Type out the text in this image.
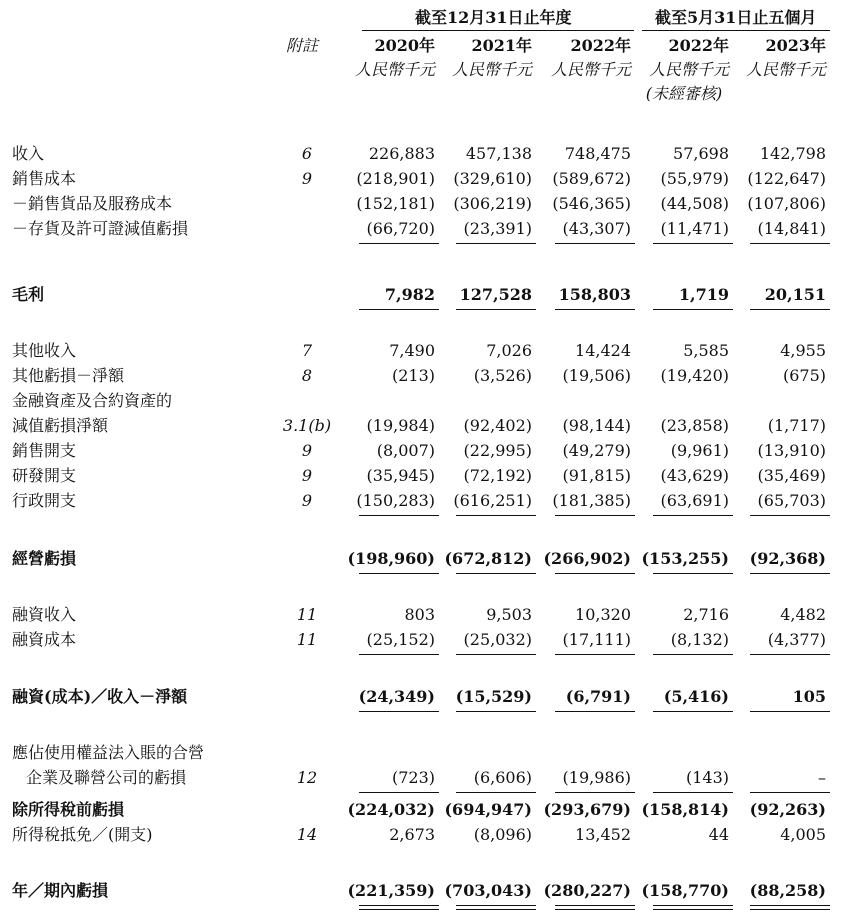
截至12月31日止年度	截至5月31日止五個月
附註	2020年	2021年	2022年	2022年	2023年
人民幣千元	人民幣千元	人民幣千元	人民幣千元	人民幣千元
(未經審核)
收入	6	226,883	457,138	748,475	57,698	142,798
銷售成本	9	(218,901)	(329,610)	(589,672)	(55,979)	(122,647)
－銷售貨品及服務成本	(152,181)	(306,219)	(546,365)	(44,508)	(107,806)
－存貨及許可證減值虧損	(66,720)	(23,391)	(43,307)	(11,471)	(14,841)
毛利	7,982	127,528	158,803	1,719	20,151
其他收入	7	7,490	7,026	14,424	5,585	4,955
其他虧損－淨額	8	(213)	(3,526)	(19,506)	(19,420)	(675)
金融資產及合約資產的
減值虧損淨額	3.1(b)	(19,984)	(92,402)	(98,144)	(23,858)	(1,717)
銷售開支	9	(8,007)	(22,995)	(49,279)	(9,961)	(13,910)
研發開支	9	(35,945)	(72,192)	(91,815)	(43,629)	(35,469)
行政開支	9	(150,283)	(616,251)	(181,385)	(63,691)	(65,703)
經營虧損	(198,960) (672,812) (266,902) (153,255)	(92,368)
融資收入	11	803	9,503	10,320	2,716	4,482
融資成本	11	(25,152)	(25,032)	(17,111)	(8,132)	(4,377)
融資(成本)／收入－淨額	(24,349)	(15,529)	(6,791)	(5,416)	105
應佔使用權益法入賬的合營
企業及聯營公司的虧損	12	(723)	(6,606)	(19,986)	(143)	–
除所得稅前虧損	(224,032) (694,947) (293,679) (158,814)	(92,263)
所得稅抵免／(開支)	14	2,673	(8,096)	13,452	44	4,005
年／期內虧損	(221,359) (703,043) (280,227) (158,770)	(88,258)
